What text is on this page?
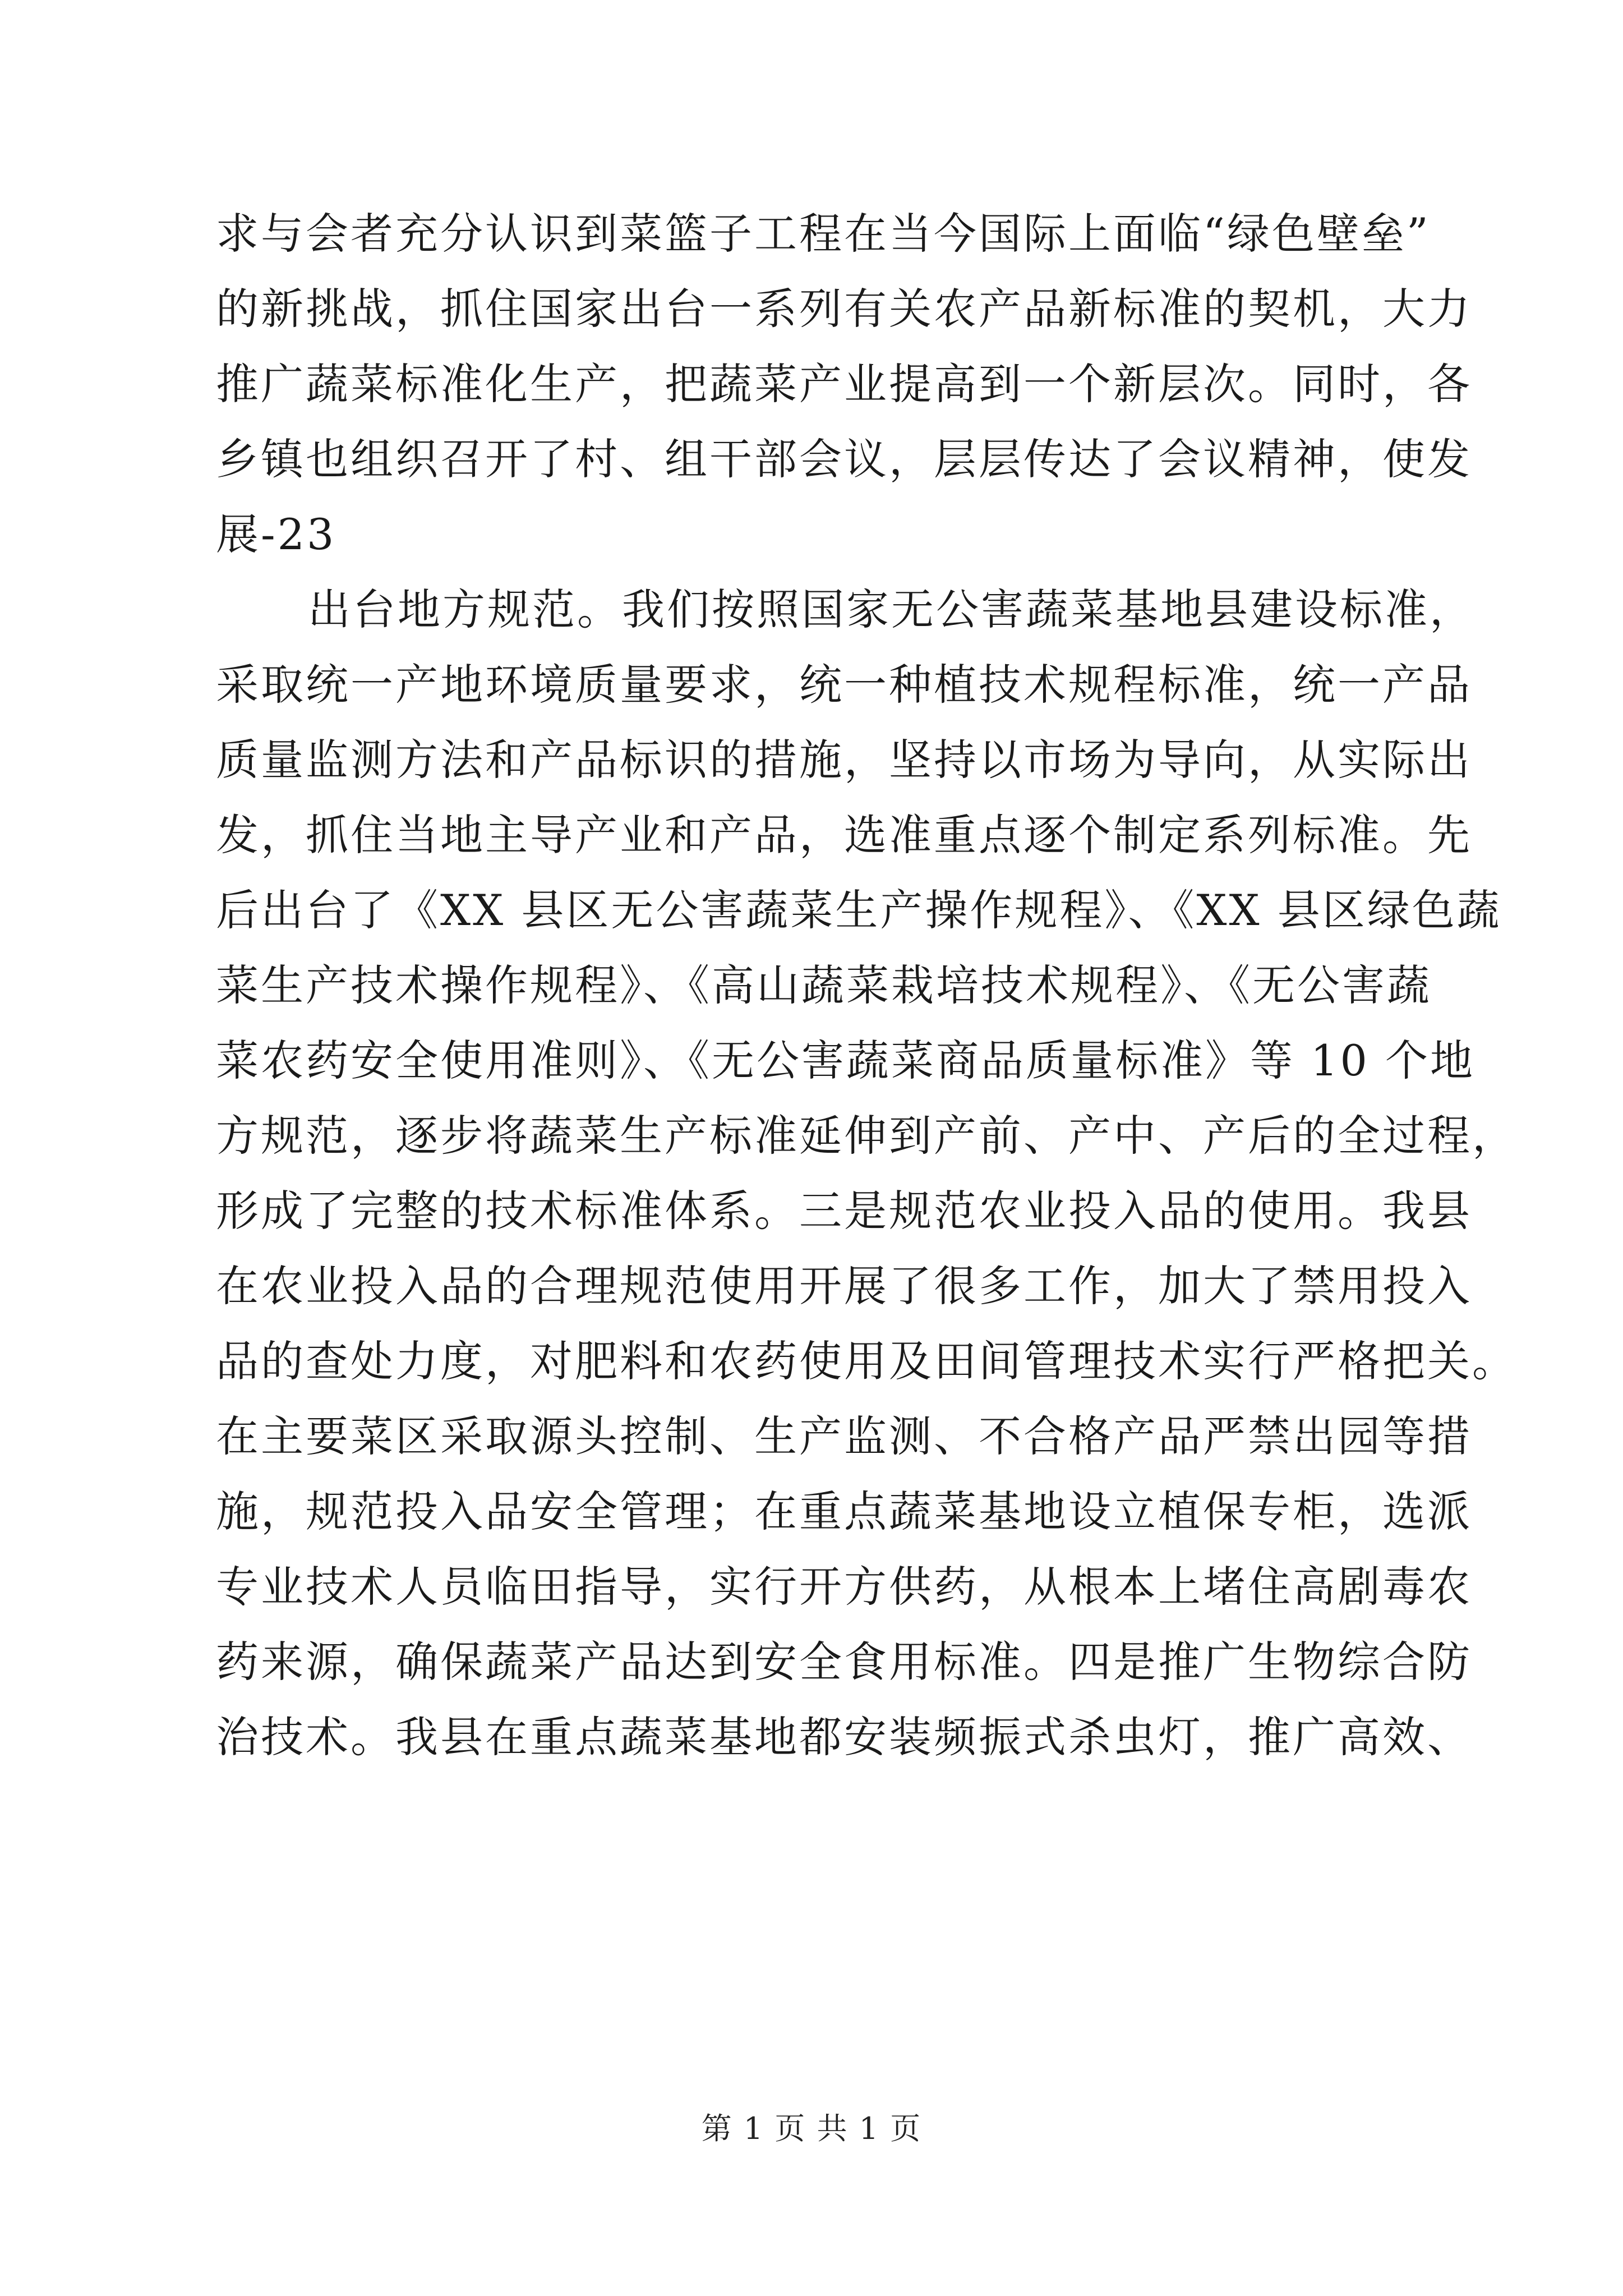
求与会者充分认识到菜篮子工程在当今国际上面临“绿色壁垒”
的新挑战，抓住国家出台一系列有关农产品新标准的契机，大力
推广蔬菜标准化生产，把蔬菜产业提高到一个新层次。同时，各
乡镇也组织召开了村、组干部会议，层层传达了会议精神，使发
展-23
出台地方规范。我们按照国家无公害蔬菜基地县建设标准，
采取统一产地环境质量要求，统一种植技术规程标准，统一产品
质量监测方法和产品标识的措施，坚持以市场为导向，从实际出
发，抓住当地主导产业和产品，选准重点逐个制定系列标准。先
后出台了《XX 县区无公害蔬菜生产操作规程》、《XX 县区绿色蔬
菜生产技术操作规程》、《高山蔬菜栽培技术规程》、《无公害蔬
菜农药安全使用准则》、《无公害蔬菜商品质量标准》等 10 个地
方规范，逐步将蔬菜生产标准延伸到产前、产中、产后的全过程，
形成了完整的技术标准体系。三是规范农业投入品的使用。我县
在农业投入品的合理规范使用开展了很多工作，加大了禁用投入
品的查处力度，对肥料和农药使用及田间管理技术实行严格把关。
在主要菜区采取源头控制、生产监测、不合格产品严禁出园等措
施，规范投入品安全管理；在重点蔬菜基地设立植保专柜，选派
专业技术人员临田指导，实行开方供药，从根本上堵住高剧毒农
药来源，确保蔬菜产品达到安全食用标准。四是推广生物综合防
治技术。我县在重点蔬菜基地都安装频振式杀虫灯，推广高效、
第 1 页 共 1 页
